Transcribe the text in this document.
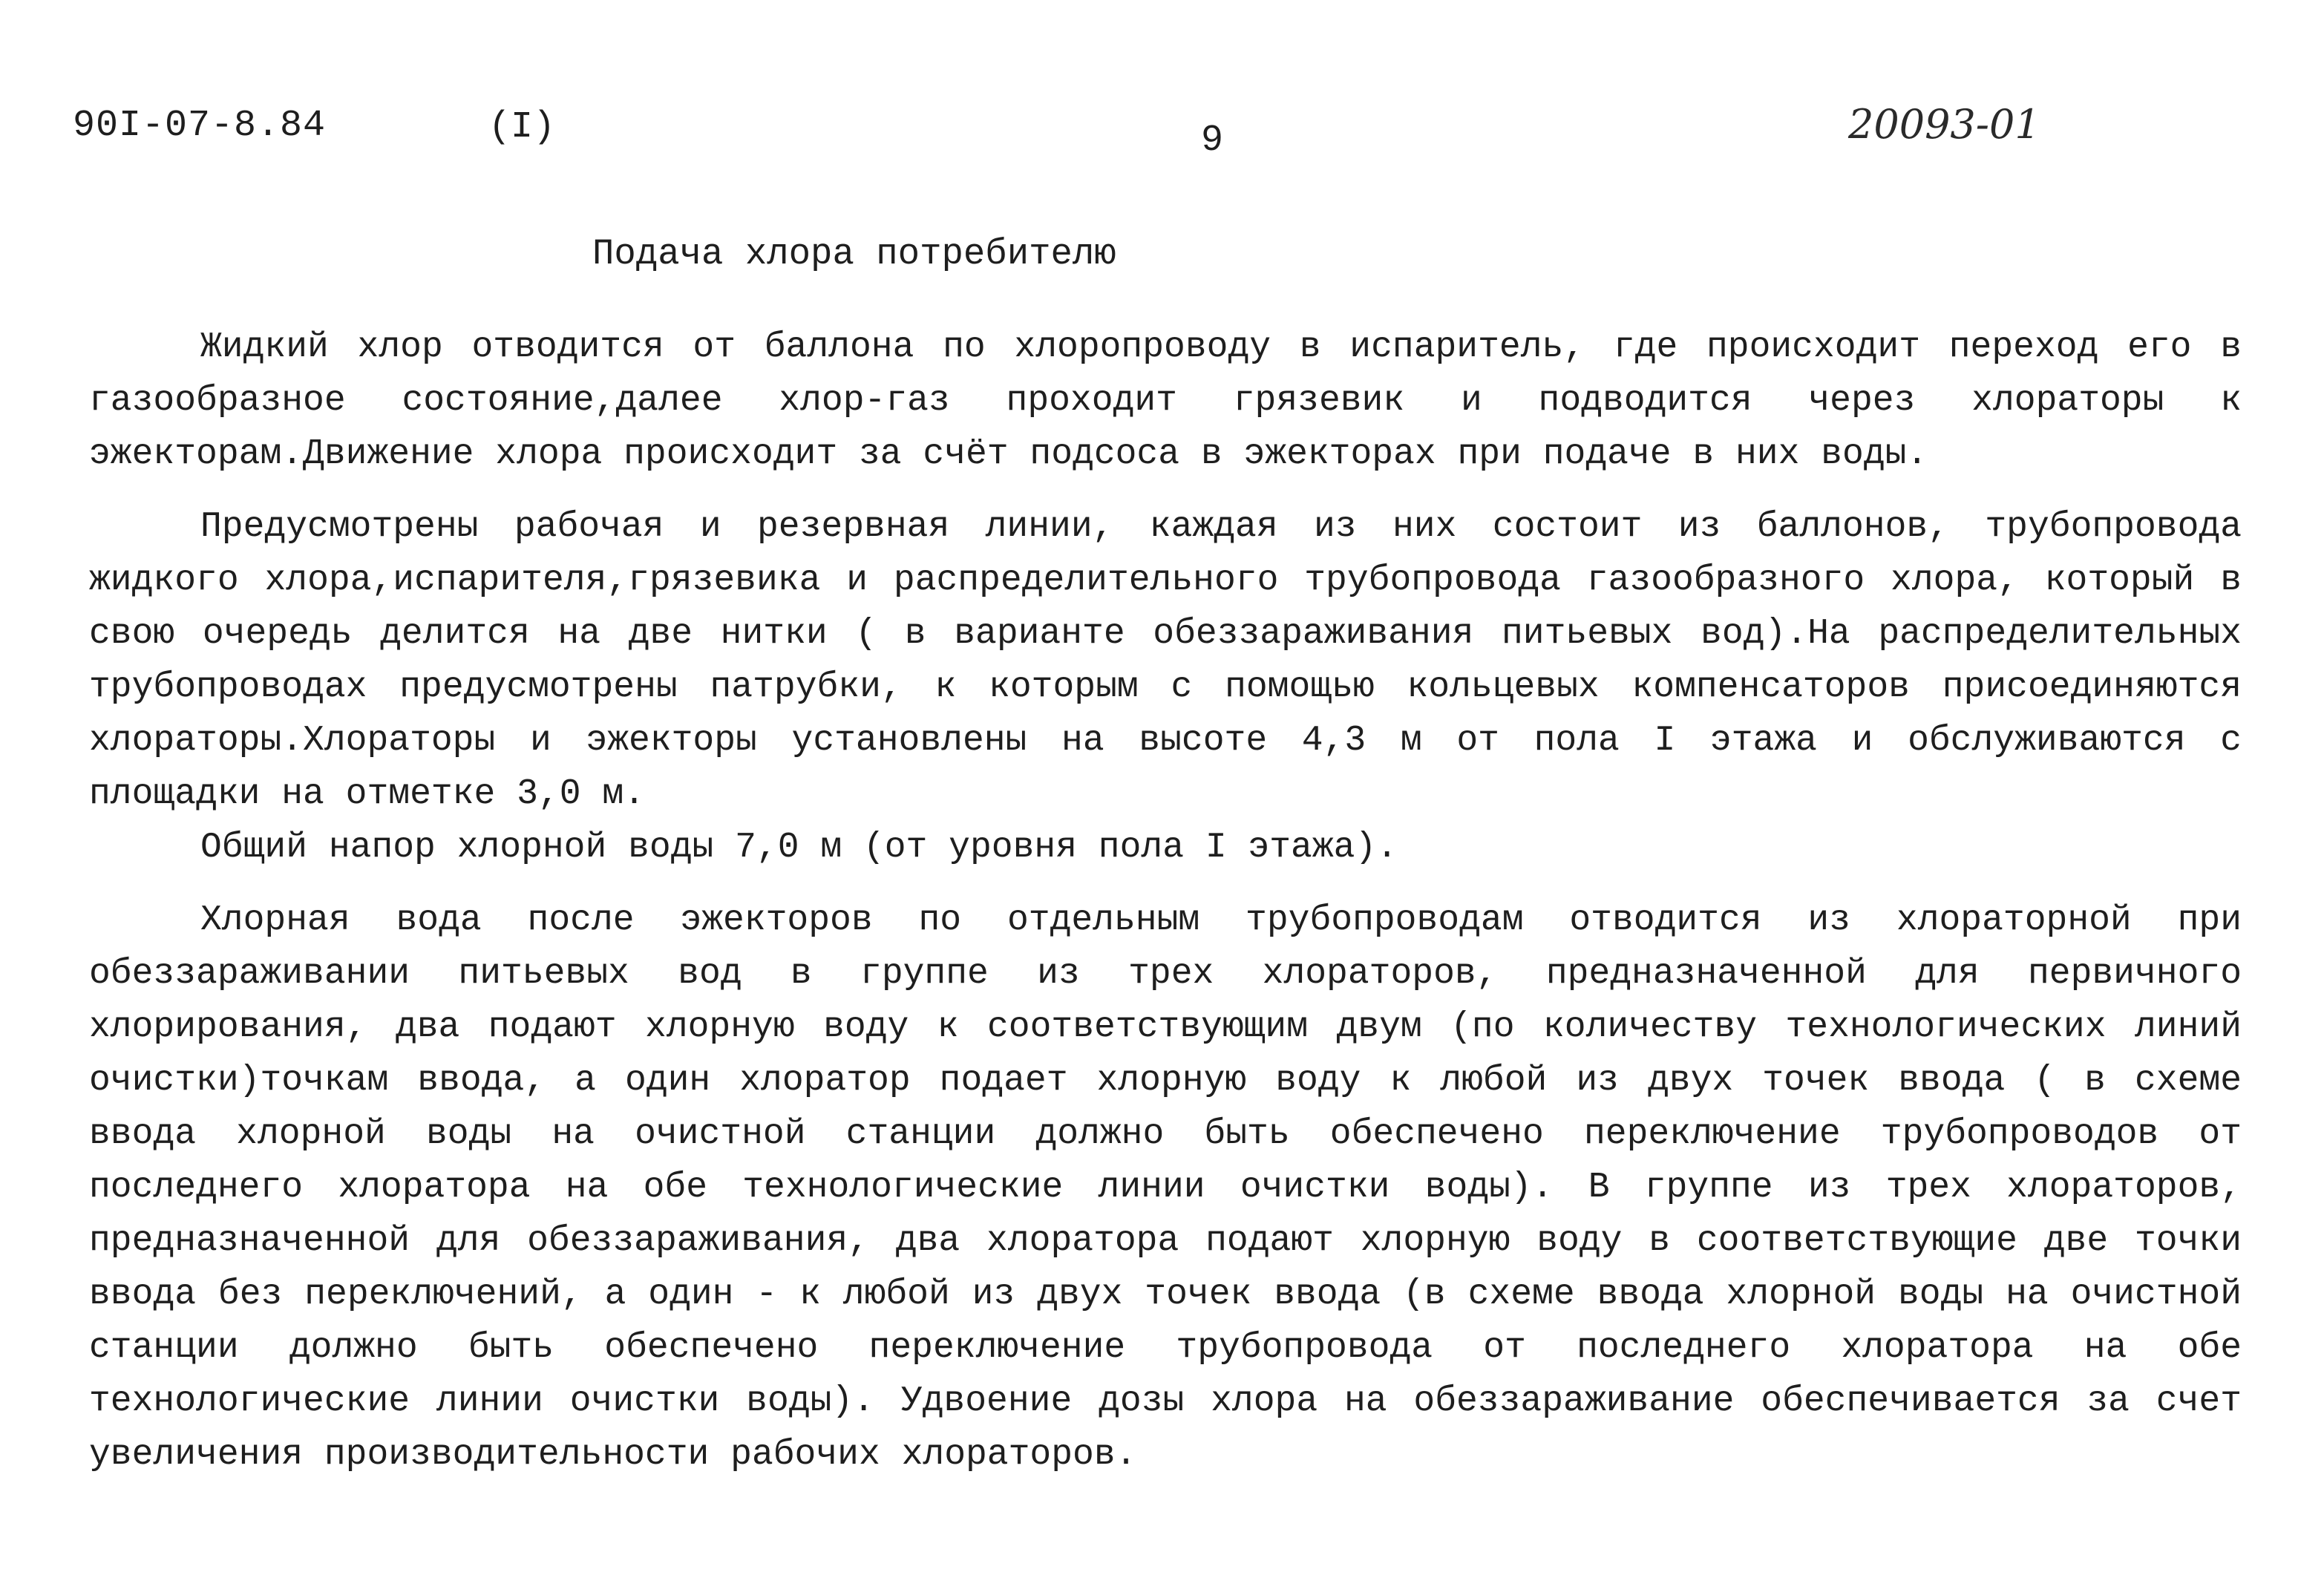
90I-07-8.84	(I)	9	20093-01
Подача хлора потребителю

Жидкий хлор отводится от баллона по хлоропроводу в испаритель, где происходит переход его в газообразное состояние,далее хлор-газ проходит грязевик и подводится через хлораторы к эжекторам.Движение хлора происходит за счёт подсоса в эжекторах при подаче в них воды.

Предусмотрены рабочая и резервная линии, каждая из них состоит из баллонов, трубопровода жидкого хлора,испарителя,грязевика и распределительного трубопровода газообразного хлора, который в свою очередь делится на две нитки ( в варианте обеззараживания питьевых вод).На распределительных трубопроводах предусмотрены патрубки, к которым с помощью кольцевых компенсаторов присоединяются хлораторы.Хлораторы и эжекторы установлены на высоте 4,3 м от пола I этажа и обслуживаются с площадки на отметке 3,0 м.

Общий напор хлорной воды 7,0 м (от уровня пола I этажа).

Хлорная вода после эжекторов по отдельным трубопроводам отводится из хлораторной при обеззараживании питьевых вод в группе из трех хлораторов, предназначенной для первичного хлорирования, два подают хлорную воду к соответствующим двум (по количеству технологических линий очистки)точкам ввода, а один хлоратор подает хлорную воду к любой из двух точек ввода ( в схеме ввода хлорной воды на очистной станции должно быть обеспечено переключение трубопроводов от последнего хлоратора на обе технологические линии очистки воды). В группе из трех хлораторов, предназначенной для обеззараживания, два хлоратора подают хлорную воду в соответствующие две точки ввода без переключений, а один - к любой из двух точек ввода (в схеме ввода хлорной воды на очистной станции должно быть обеспечено переключение трубопровода от последнего хлоратора на обе технологические линии очистки воды). Удвоение дозы хлора на обеззараживание обеспечивается за счет увеличения производительности рабочих хлораторов.
